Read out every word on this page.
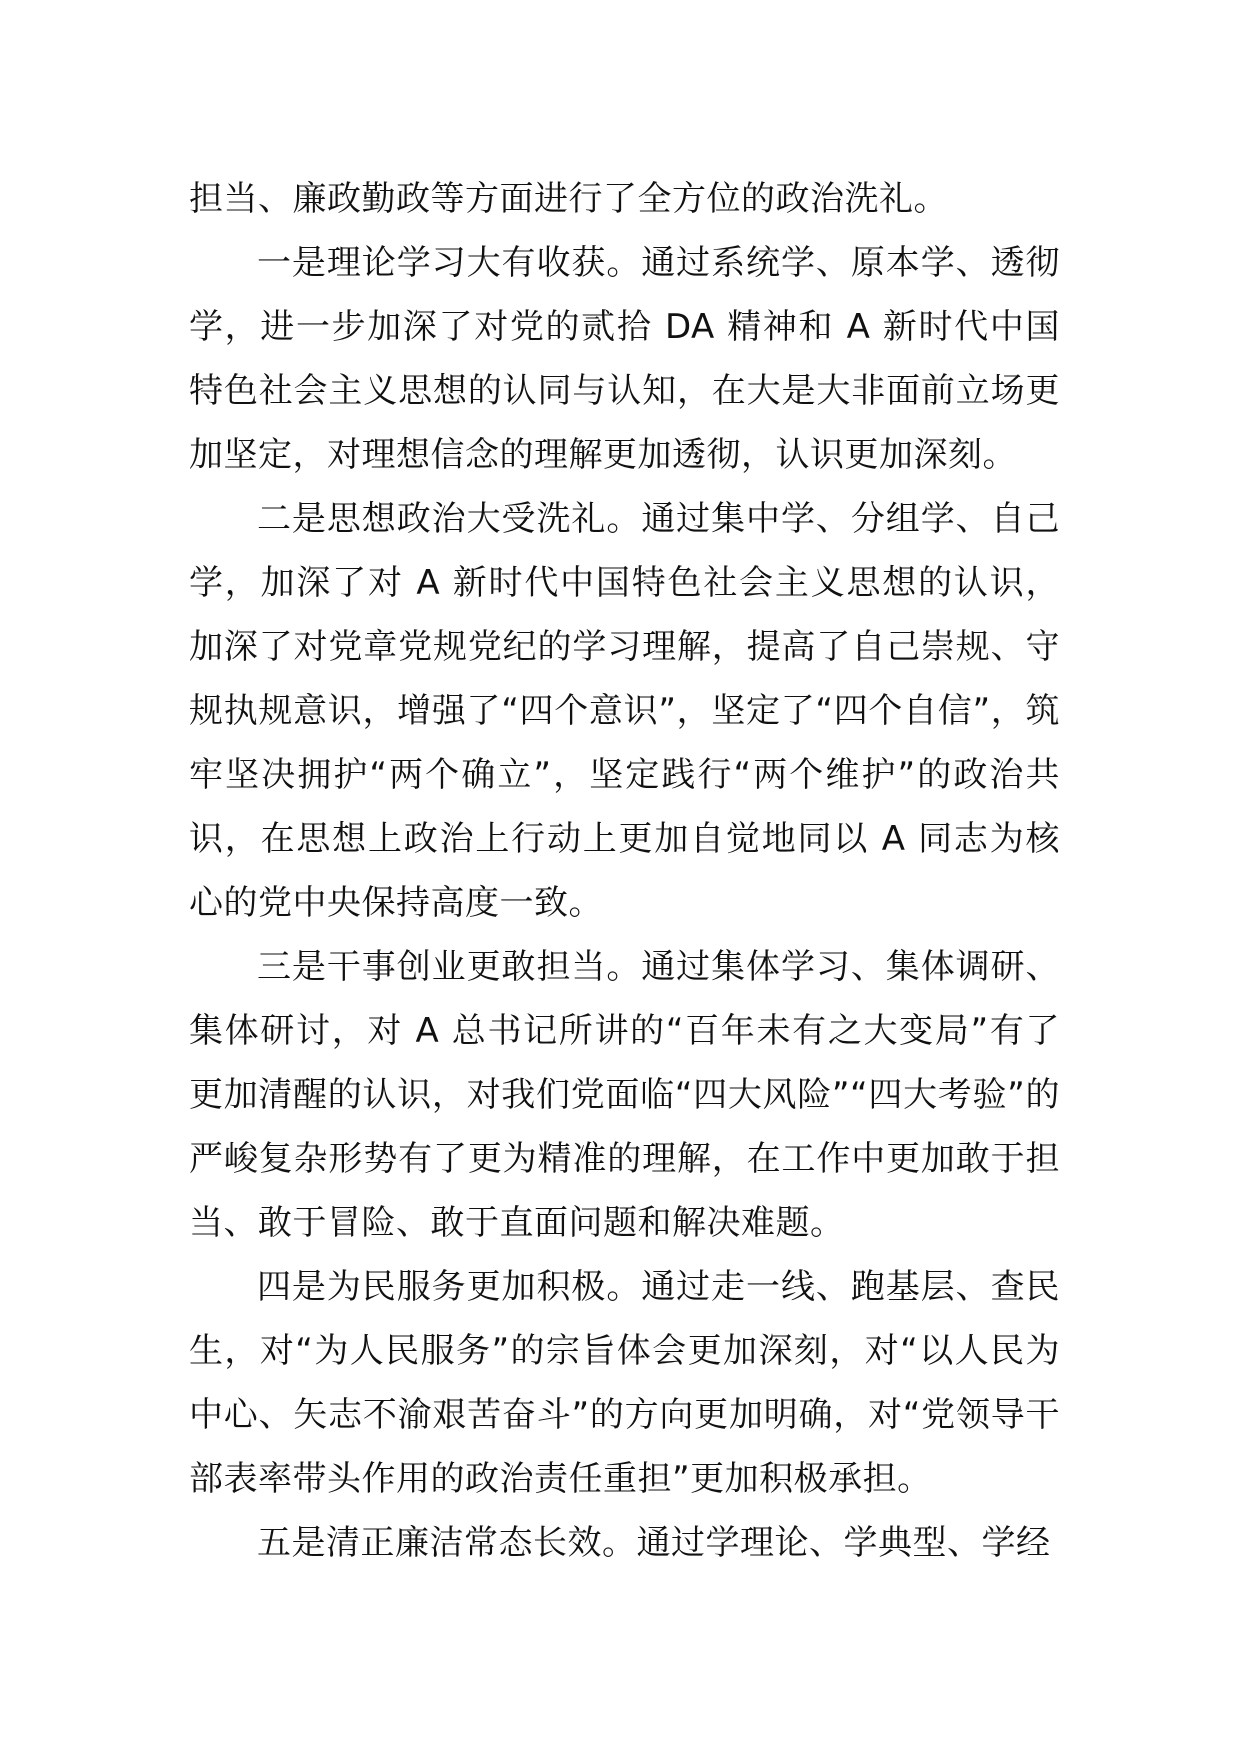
担当、廉政勤政等方面进行了全方位的政治洗礼。

一是理论学习大有收获。通过系统学、原本学、透彻学，进一步加深了对党的贰拾 DA 精神和 A 新时代中国特色社会主义思想的认同与认知，在大是大非面前立场更加坚定，对理想信念的理解更加透彻，认识更加深刻。

二是思想政治大受洗礼。通过集中学、分组学、自己学，加深了对 A 新时代中国特色社会主义思想的认识，加深了对党章党规党纪的学习理解，提高了自己崇规、守规执规意识，增强了“四个意识”，坚定了“四个自信”，筑牢坚决拥护“两个确立”，坚定践行“两个维护”的政治共识，在思想上政治上行动上更加自觉地同以 A 同志为核心的党中央保持高度一致。

三是干事创业更敢担当。通过集体学习、集体调研、集体研讨，对 A 总书记所讲的“百年未有之大变局”有了更加清醒的认识，对我们党面临“四大风险”“四大考验”的严峻复杂形势有了更为精准的理解，在工作中更加敢于担当、敢于冒险、敢于直面问题和解决难题。

四是为民服务更加积极。通过走一线、跑基层、查民生，对“为人民服务”的宗旨体会更加深刻，对“以人民为中心、矢志不渝艰苦奋斗”的方向更加明确，对“党领导干部表率带头作用的政治责任重担”更加积极承担。

五是清正廉洁常态长效。通过学理论、学典型、学经
